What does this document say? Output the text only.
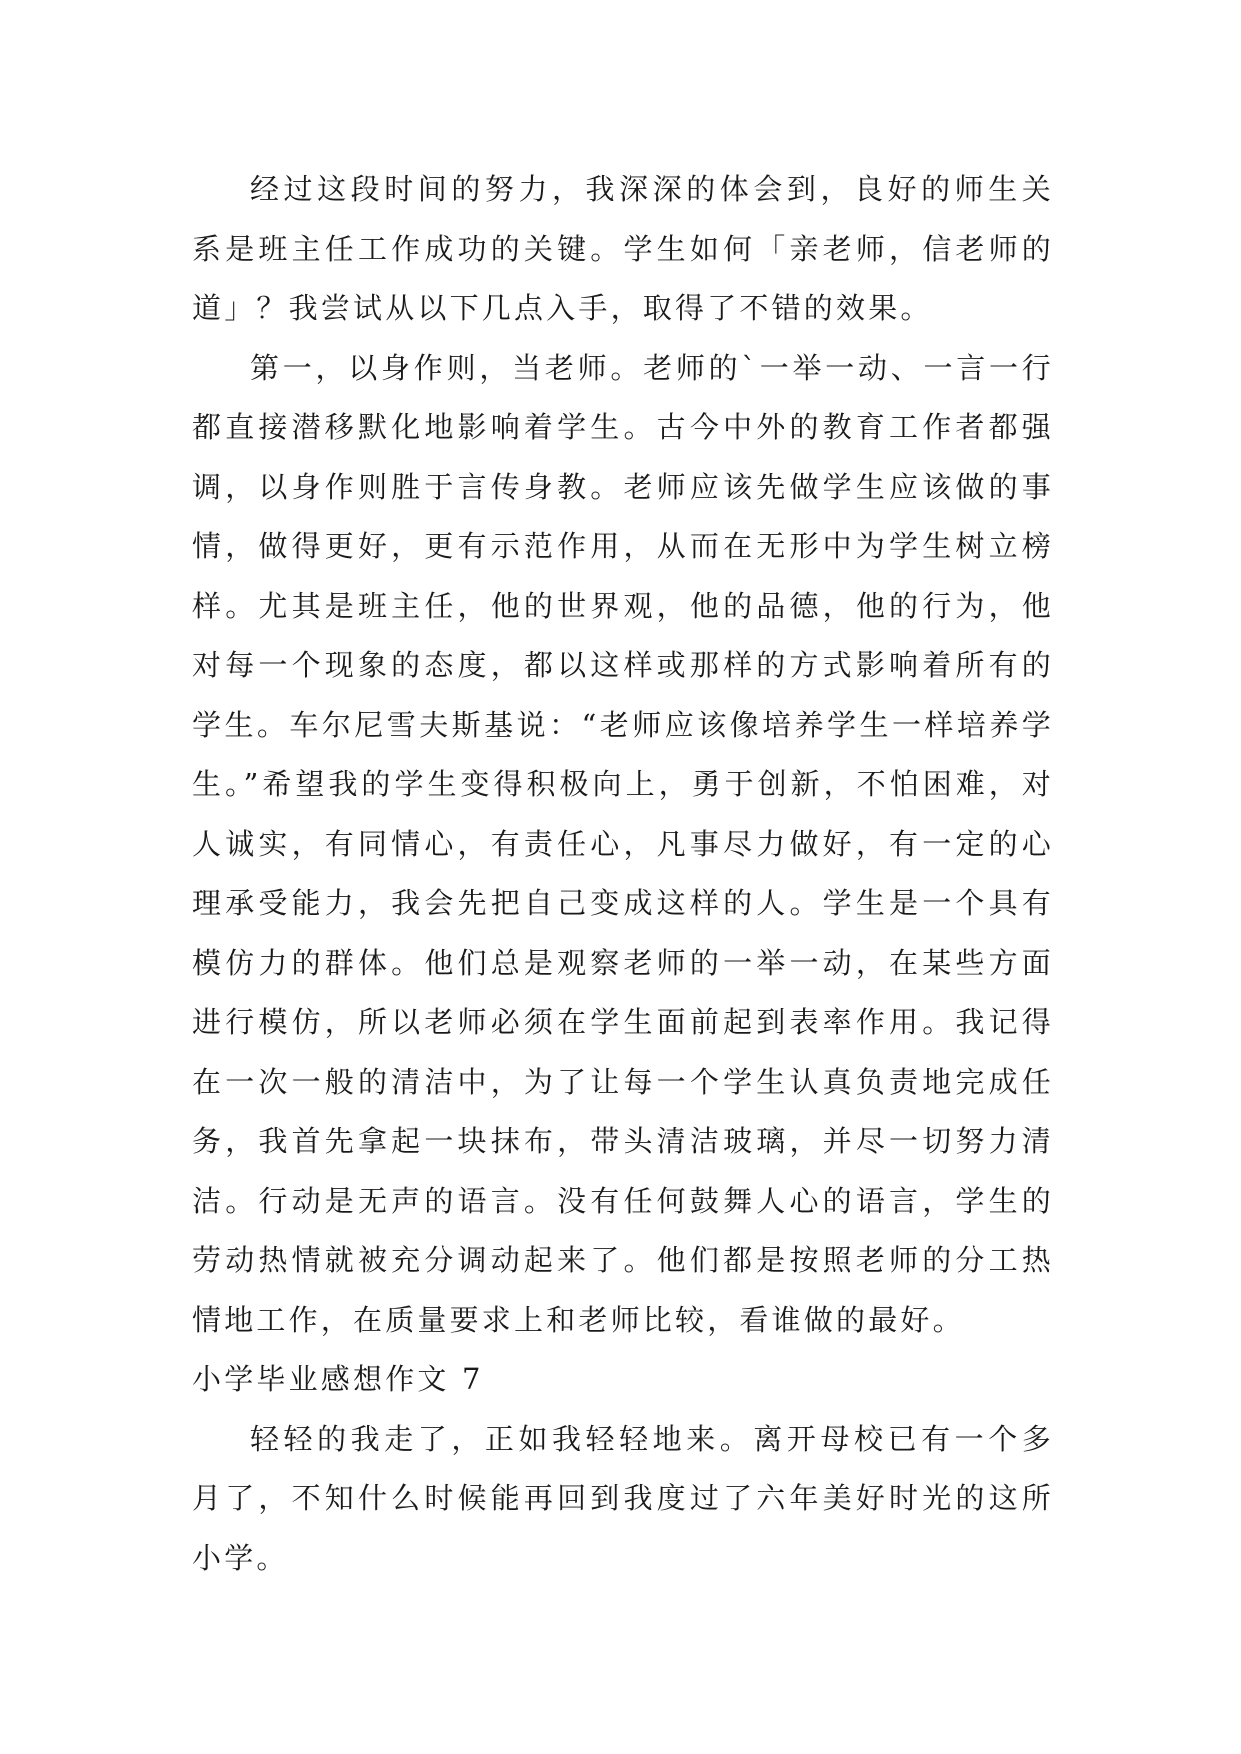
经过这段时间的努力，我深深的体会到，良好的师生关系是班主任工作成功的关键。学生如何「亲老师，信老师的道」？我尝试从以下几点入手，取得了不错的效果。

第一，以身作则，当老师。老师的`一举一动、一言一行都直接潜移默化地影响着学生。古今中外的教育工作者都强调，以身作则胜于言传身教。老师应该先做学生应该做的事情，做得更好，更有示范作用，从而在无形中为学生树立榜样。尤其是班主任，他的世界观，他的品德，他的行为，他对每一个现象的态度，都以这样或那样的方式影响着所有的学生。车尔尼雪夫斯基说：“老师应该像培养学生一样培养学生。”希望我的学生变得积极向上，勇于创新，不怕困难，对人诚实，有同情心，有责任心，凡事尽力做好，有一定的心理承受能力，我会先把自己变成这样的人。学生是一个具有模仿力的群体。他们总是观察老师的一举一动，在某些方面进行模仿，所以老师必须在学生面前起到表率作用。我记得在一次一般的清洁中，为了让每一个学生认真负责地完成任务，我首先拿起一块抹布，带头清洁玻璃，并尽一切努力清洁。行动是无声的语言。没有任何鼓舞人心的语言，学生的劳动热情就被充分调动起来了。他们都是按照老师的分工热情地工作，在质量要求上和老师比较，看谁做的最好。

小学毕业感想作文 7

轻轻的我走了，正如我轻轻地来。离开母校已有一个多月了，不知什么时候能再回到我度过了六年美好时光的这所小学。
